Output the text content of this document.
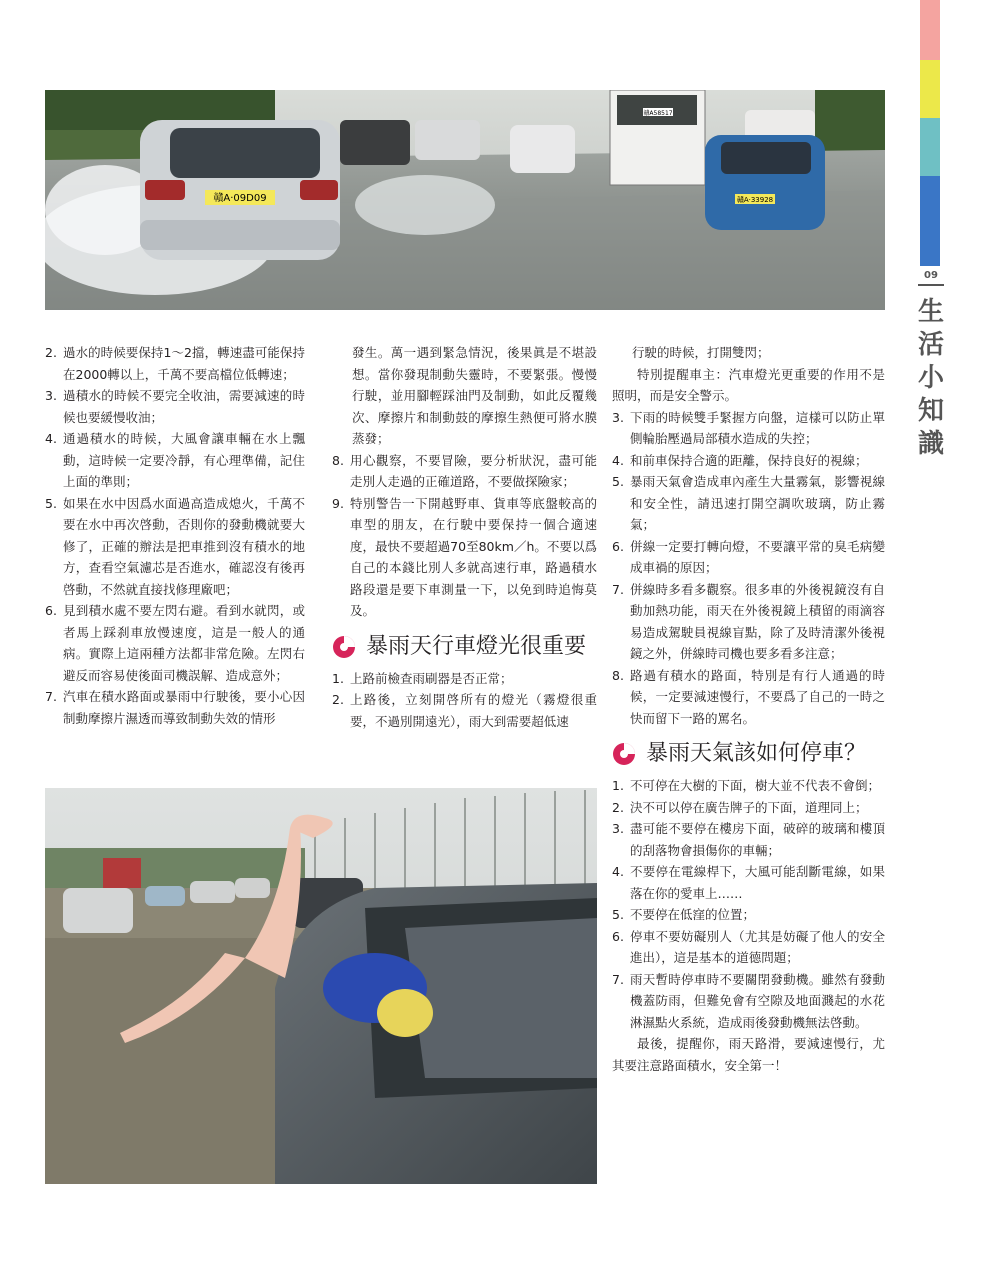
09
生
活
小
知
識
贛A58517
贛A·33928
贛A·09D09
2. 過水的時候要保持1～2擋，轉速盡可能保持在2000轉以上，千萬不要高檔位低轉速；
3. 過積水的時候不要完全收油，需要減速的時候也要緩慢收油；
4. 通過積水的時候，大風會讓車輛在水上飄動，這時候一定要冷靜，有心理準備，記住上面的準則；
5. 如果在水中因爲水面過高造成熄火，千萬不要在水中再次啓動，否則你的發動機就要大修了，正確的辦法是把車推到沒有積水的地方，查看空氣濾芯是否進水，確認沒有後再啓動，不然就直接找修理廠吧；
6. 見到積水處不要左閃右避。看到水就閃，或者馬上踩刹車放慢速度，這是一般人的通病。實際上這兩種方法都非常危險。左閃右避反而容易使後面司機誤解、造成意外；
7. 汽車在積水路面或暴雨中行駛後，要小心因制動摩擦片濕透而導致制動失效的情形
發生。萬一遇到緊急情況，後果眞是不堪設想。當你發現制動失靈時，不要緊張。慢慢行駛，並用腳輕踩油門及制動，如此反覆幾次、摩擦片和制動鼓的摩擦生熱便可將水膜蒸發；
8. 用心觀察，不要冒險，要分析狀況，盡可能走別人走過的正確道路，不要做探險家；
9. 特別警告一下開越野車、貨車等底盤較高的車型的朋友，在行駛中要保持一個合適速度，最快不要超過70至80km／h。不要以爲自己的本錢比別人多就高速行車，路過積水路段還是要下車測量一下，以免到時追悔莫及。
暴雨天行車燈光很重要
1. 上路前檢查雨刷器是否正常；
2. 上路後，立刻開啓所有的燈光（霧燈很重要，不過別開遠光），雨大到需要超低速
行駛的時候，打開雙閃；
特別提醒車主：汽車燈光更重要的作用不是照明，而是安全警示。
3. 下雨的時候雙手緊握方向盤，這樣可以防止單側輪胎壓過局部積水造成的失控；
4. 和前車保持合適的距離，保持良好的視線；
5. 暴雨天氣會造成車內產生大量霧氣，影響視線和安全性，請迅速打開空調吹玻璃，防止霧氣；
6. 併線一定要打轉向燈，不要讓平常的臭毛病變成車禍的原因；
7. 併線時多看多觀察。很多車的外後視鏡沒有自動加熱功能，雨天在外後視鏡上積留的雨滴容易造成駕駛員視線盲點，除了及時清潔外後視鏡之外，併線時司機也要多看多注意；
8. 路過有積水的路面，特別是有行人通過的時候，一定要減速慢行，不要爲了自己的一時之快而留下一路的罵名。
暴雨天氣該如何停車？
1. 不可停在大樹的下面，樹大並不代表不會倒；
2. 決不可以停在廣告牌子的下面，道理同上；
3. 盡可能不要停在樓房下面，破碎的玻璃和樓頂的刮落物會損傷你的車輛；
4. 不要停在電線桿下，大風可能刮斷電線，如果落在你的愛車上……
5. 不要停在低窪的位置；
6. 停車不要妨礙別人（尤其是妨礙了他人的安全進出），這是基本的道德問題；
7. 雨天暫時停車時不要關閉發動機。雖然有發動機蓋防雨，但難免會有空隙及地面濺起的水花淋濕點火系統，造成雨後發動機無法啓動。
最後，提醒你，雨天路滑，要減速慢行，尤其要注意路面積水，安全第一！
